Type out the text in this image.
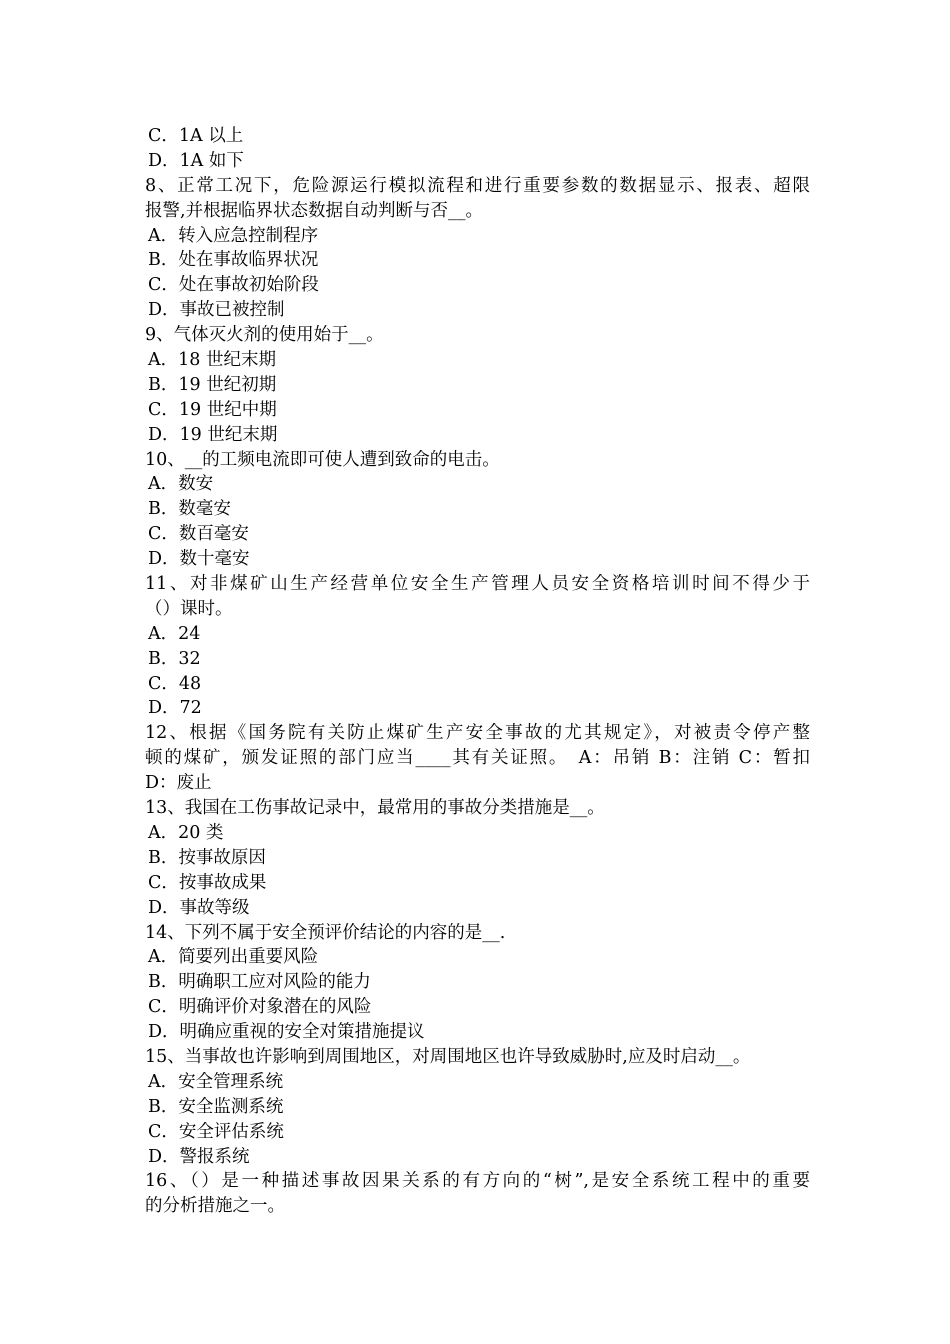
C．1A 以上
D．1A 如下
8、正常工况下，危险源运行模拟流程和进行重要参数的数据显示、报表、超限
报警,并根据临界状态数据自动判断与否__。
A．转入应急控制程序
B．处在事故临界状况
C．处在事故初始阶段
D．事故已被控制
9、气体灭火剂的使用始于__。
A．18 世纪末期
B．19 世纪初期
C．19 世纪中期
D．19 世纪末期
10、__的工频电流即可使人遭到致命的电击。
A．数安
B．数毫安
C．数百毫安
D．数十毫安
11、对非煤矿山生产经营单位安全生产管理人员安全资格培训时间不得少于
（）课时。
A．24
B．32
C．48
D．72
12、根据《国务院有关防止煤矿生产安全事故的尤其规定》，对被责令停产整
顿的煤矿，颁发证照的部门应当____其有关证照。　A：吊销 B：注销 C：暂扣
D：废止
13、我国在工伤事故记录中，最常用的事故分类措施是__。
A．20 类
B．按事故原因
C．按事故成果
D．事故等级
14、下列不属于安全预评价结论的内容的是__.
A．简要列出重要风险
B．明确职工应对风险的能力
C．明确评价对象潜在的风险
D．明确应重视的安全对策措施提议
15、当事故也许影响到周围地区，对周围地区也许导致威胁时,应及时启动__。
A．安全管理系统
B．安全监测系统
C．安全评估系统
D．警报系统
16、（）是一种描述事故因果关系的有方向的“树”,是安全系统工程中的重要
的分析措施之一。
